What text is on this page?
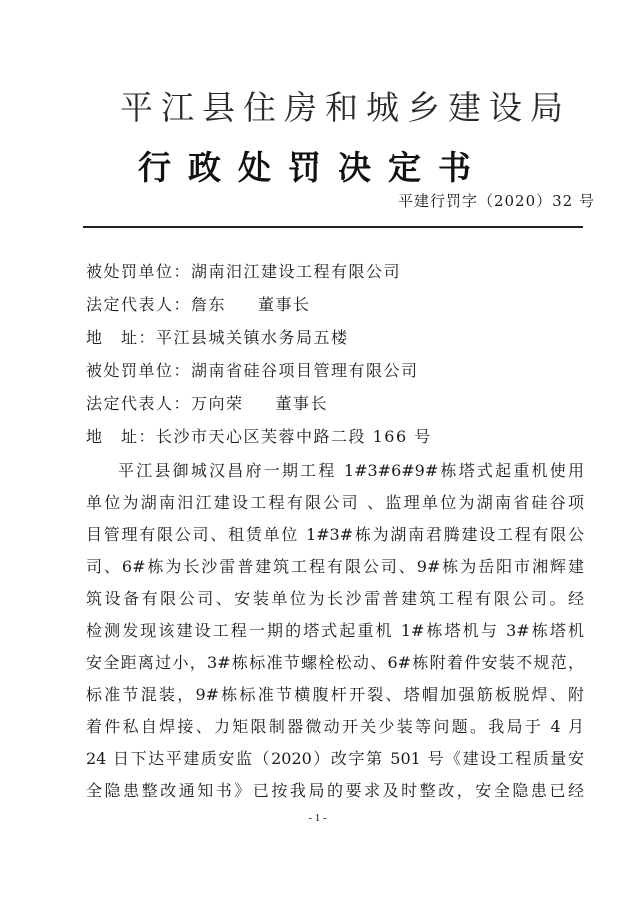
平江县住房和城乡建设局
行政处罚决定书
平建行罚字（2020）32 号
被处罚单位：湖南汨江建设工程有限公司
法定代表人：詹东 董事长
地　址：平江县城关镇水务局五楼
被处罚单位：湖南省硅谷项目管理有限公司
法定代表人：万向荣 董事长
地　址：长沙市天心区芙蓉中路二段 166 号
平江县御城汉昌府一期工程 1#3#6#9#栋塔式起重机使用
单位为湖南汨江建设工程有限公司 、监理单位为湖南省硅谷项
目管理有限公司、租赁单位 1#3#栋为湖南君腾建设工程有限公
司、6#栋为长沙雷普建筑工程有限公司、9#栋为岳阳市湘辉建
筑设备有限公司、安装单位为长沙雷普建筑工程有限公司。经
检测发现该建设工程一期的塔式起重机 1#栋塔机与 3#栋塔机
安全距离过小，3#栋标准节螺栓松动、6#栋附着件安装不规范，
标准节混装，9#栋标准节横腹杆开裂、塔帽加强筋板脱焊、附
着件私自焊接、力矩限制器微动开关少装等问题。我局于 4 月
24 日下达平建质安监（2020）改字第 501 号《建设工程质量安
全隐患整改通知书》已按我局的要求及时整改，安全隐患已经
- 1 -
